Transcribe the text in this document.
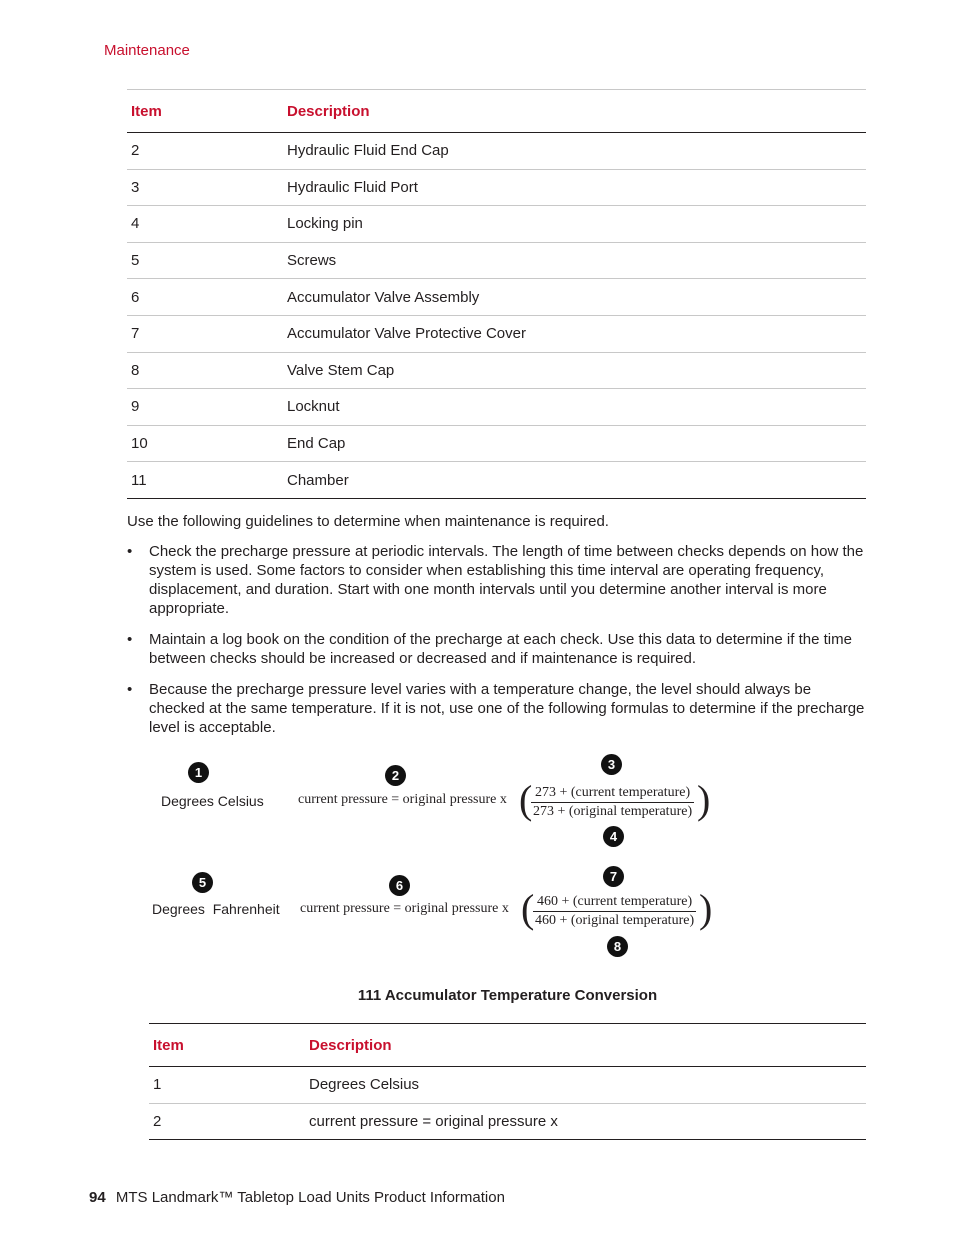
Maintenance
Item	Description
2	Hydraulic Fluid End Cap
3	Hydraulic Fluid Port
4	Locking pin
5	Screws
6	Accumulator Valve Assembly
7	Accumulator Valve Protective Cover
8	Valve Stem Cap
9	Locknut
10	End Cap
11	Chamber
Use the following guidelines to determine when maintenance is required.
• Check the precharge pressure at periodic intervals. The length of time between checks depends on how the system is used. Some factors to consider when establishing this time interval are operating frequency, displacement, and duration. Start with one month intervals until you determine another interval is more appropriate.
• Maintain a log book on the condition of the precharge at each check. Use this data to determine if the time between checks should be increased or decreased and if maintenance is required.
• Because the precharge pressure level varies with a temperature change, the level should always be checked at the same temperature. If it is not, use one of the following formulas to determine if the precharge level is acceptable.
1
Degrees Celsius
2
current pressure = original pressure x
3
( 273 + (current temperature)
273 + (original temperature) )
4
5
Degrees  Fahrenheit
6
current pressure = original pressure x
7
( 460 + (current temperature)
460 + (original temperature) )
8
111 Accumulator Temperature Conversion
Item	Description
1	Degrees Celsius
2	current pressure = original pressure x
94 MTS Landmark™ Tabletop Load Units Product Information
